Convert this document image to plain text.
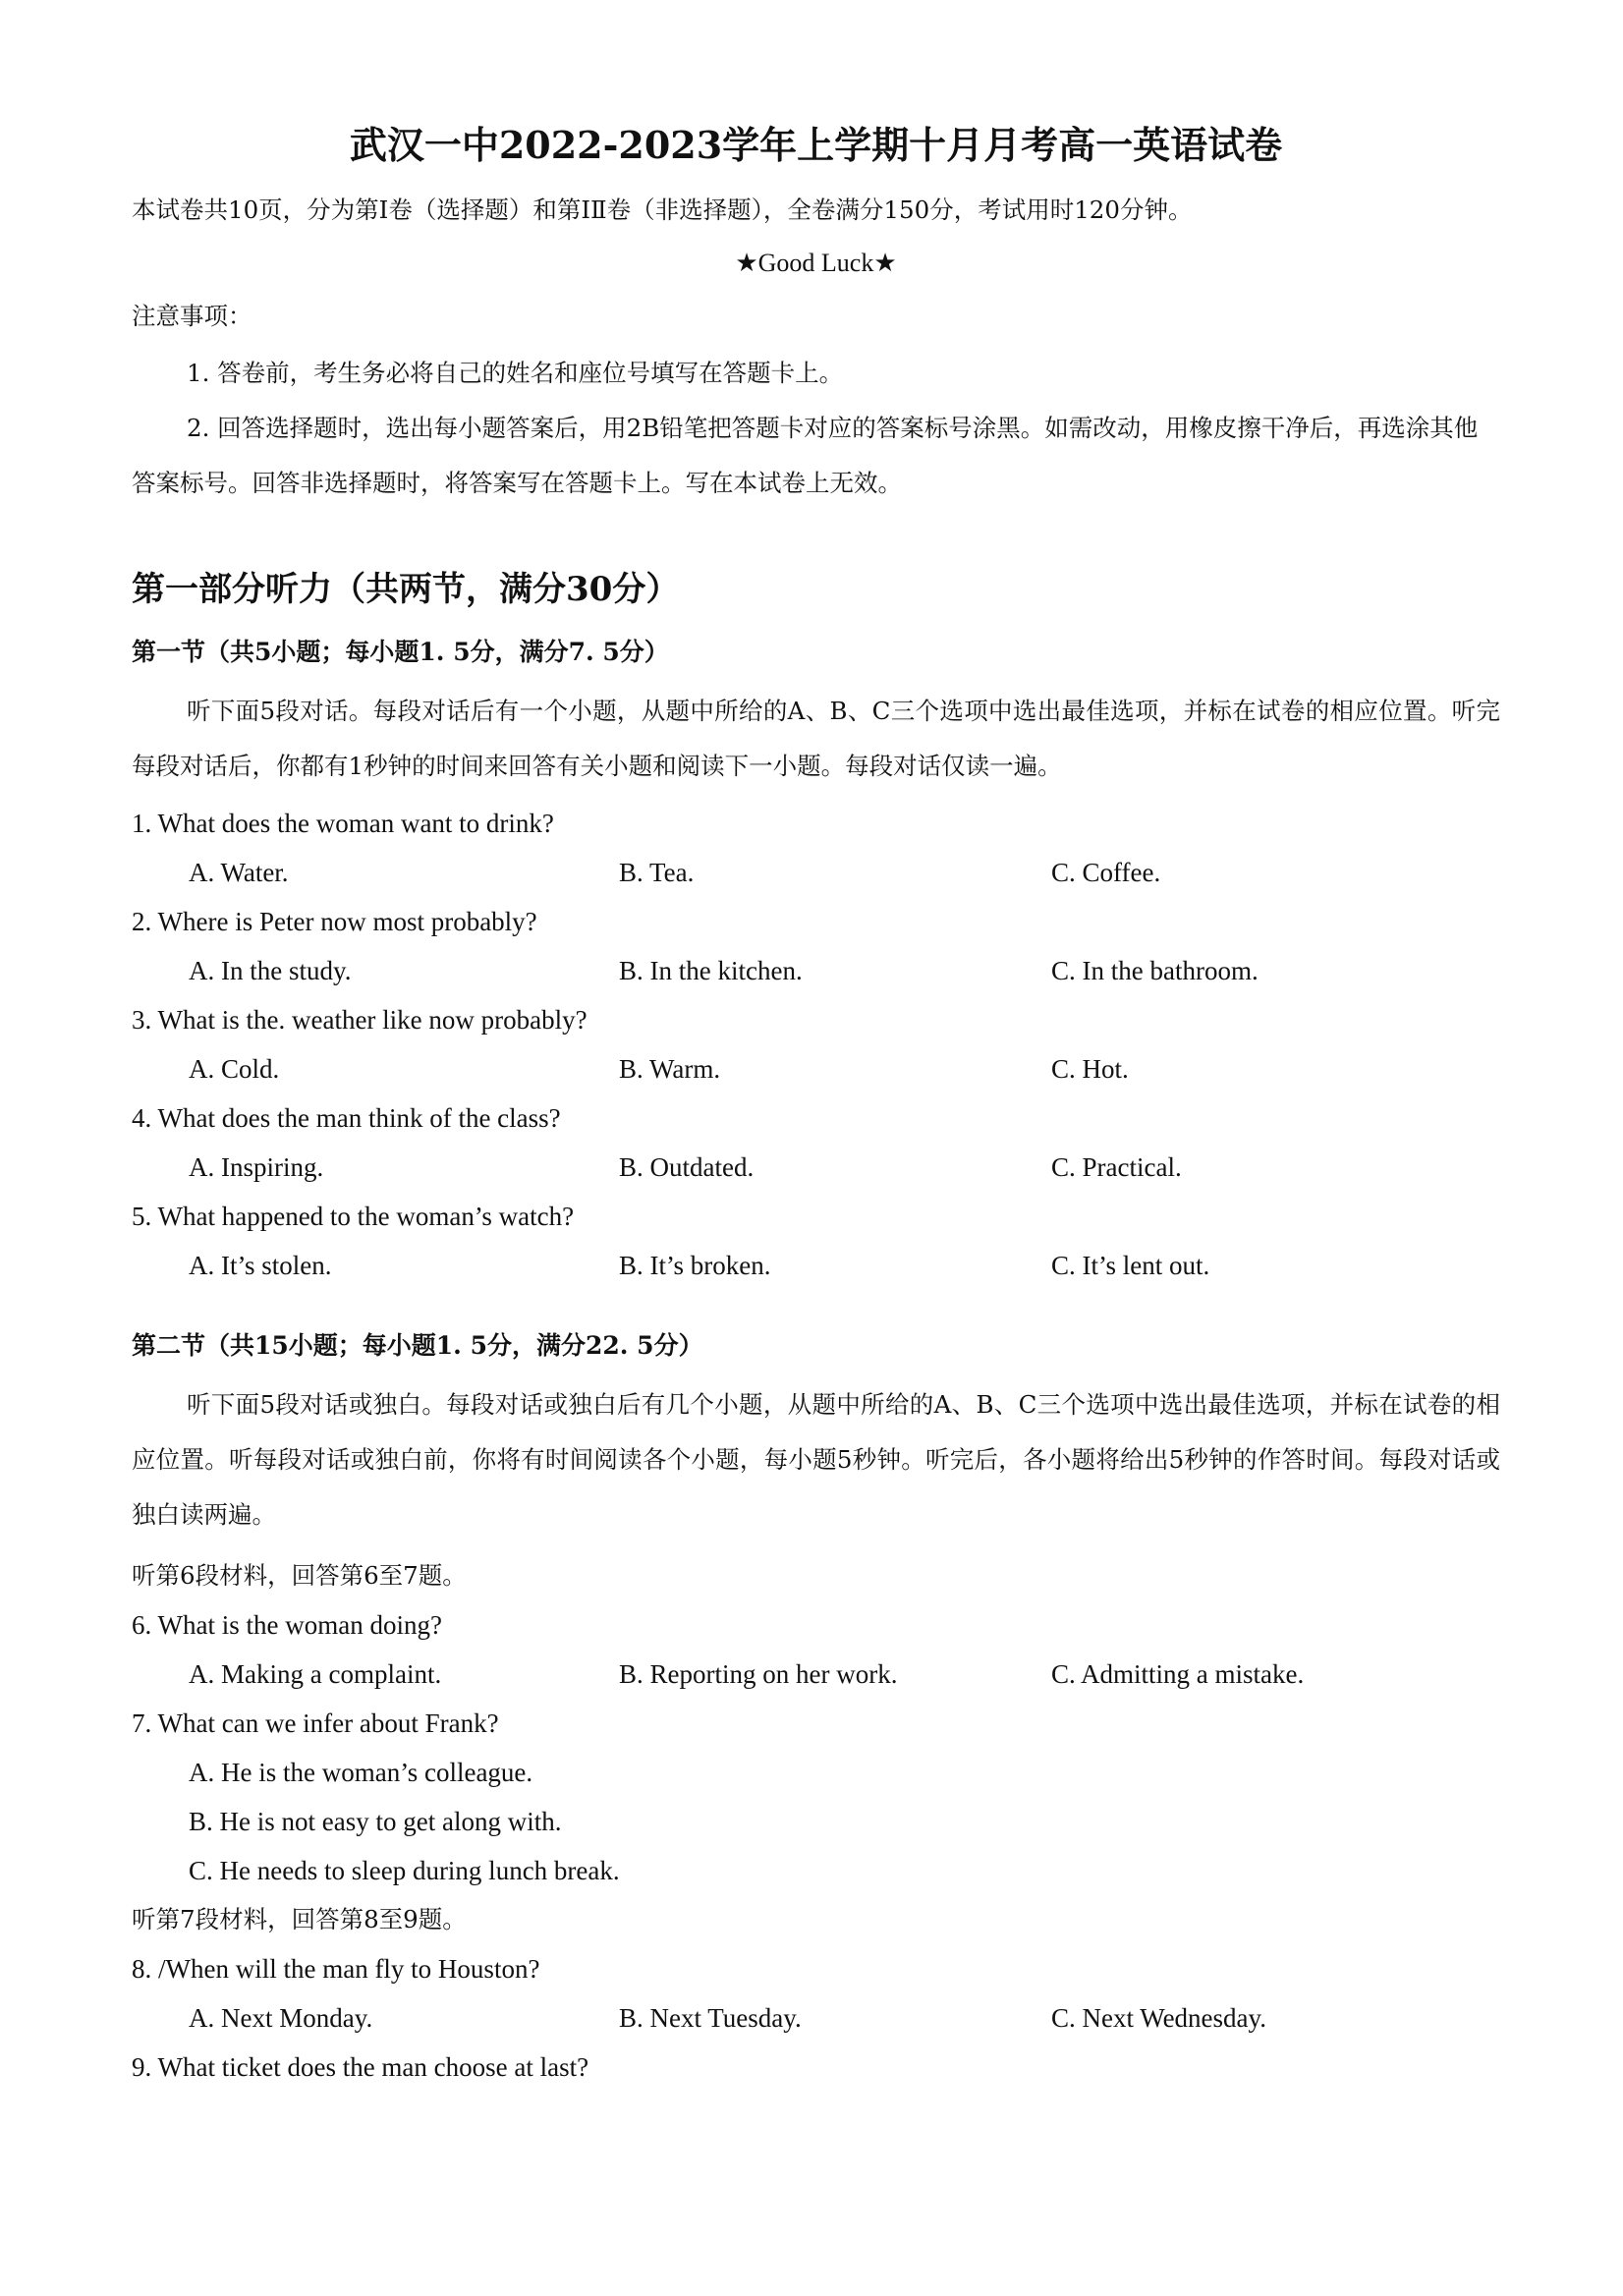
武汉一中2022-2023学年上学期十月月考高一英语试卷

本试卷共10页，分为第Ⅰ卷（选择题）和第ⅠⅡ卷（非选择题），全卷满分150分，考试用时120分钟。

★Good Luck★

注意事项：

1. 答卷前，考生务必将自己的姓名和座位号填写在答题卡上。

2. 回答选择题时，选出每小题答案后，用2B铅笔把答题卡对应的答案标号涂黑。如需改动，用橡皮擦干净后，再选涂其他答案标号。回答非选择题时，将答案写在答题卡上。写在本试卷上无效。

第一部分听力（共两节，满分30分）
第一节（共5小题；每小题1. 5分，满分7. 5分）

听下面5段对话。每段对话后有一个小题，从题中所给的A、B、C三个选项中选出最佳选项，并标在试卷的相应位置。听完每段对话后，你都有1秒钟的时间来回答有关小题和阅读下一小题。每段对话仅读一遍。

1. What does the woman want to drink?

A. Water.	B. Tea.	C. Coffee.

2. Where is Peter now most probably?

A. In the study.	B. In the kitchen.	C. In the bathroom.

3. What is the. weather like now probably?

A. Cold.	B. Warm.	C. Hot.

4. What does the man think of the class?

A. Inspiring.	B. Outdated.	C. Practical.

5. What happened to the woman’s watch?

A. It’s stolen.	B. It’s broken.	C. It’s lent out.
第二节（共15小题；每小题1. 5分，满分22. 5分）

听下面5段对话或独白。每段对话或独白后有几个小题，从题中所给的A、B、C三个选项中选出最佳选项，并标在试卷的相应位置。听每段对话或独白前，你将有时间阅读各个小题，每小题5秒钟。听完后，各小题将给出5秒钟的作答时间。每段对话或独白读两遍。

听第6段材料，回答第6至7题。

6. What is the woman doing?

A. Making a complaint.	B. Reporting on her work.	C. Admitting a mistake.

7. What can we infer about Frank?

A. He is the woman’s colleague.

B. He is not easy to get along with.

C. He needs to sleep during lunch break.

听第7段材料，回答第8至9题。

8. /When will the man fly to Houston?

A. Next Monday.	B. Next Tuesday.	C. Next Wednesday.

9. What ticket does the man choose at last?
